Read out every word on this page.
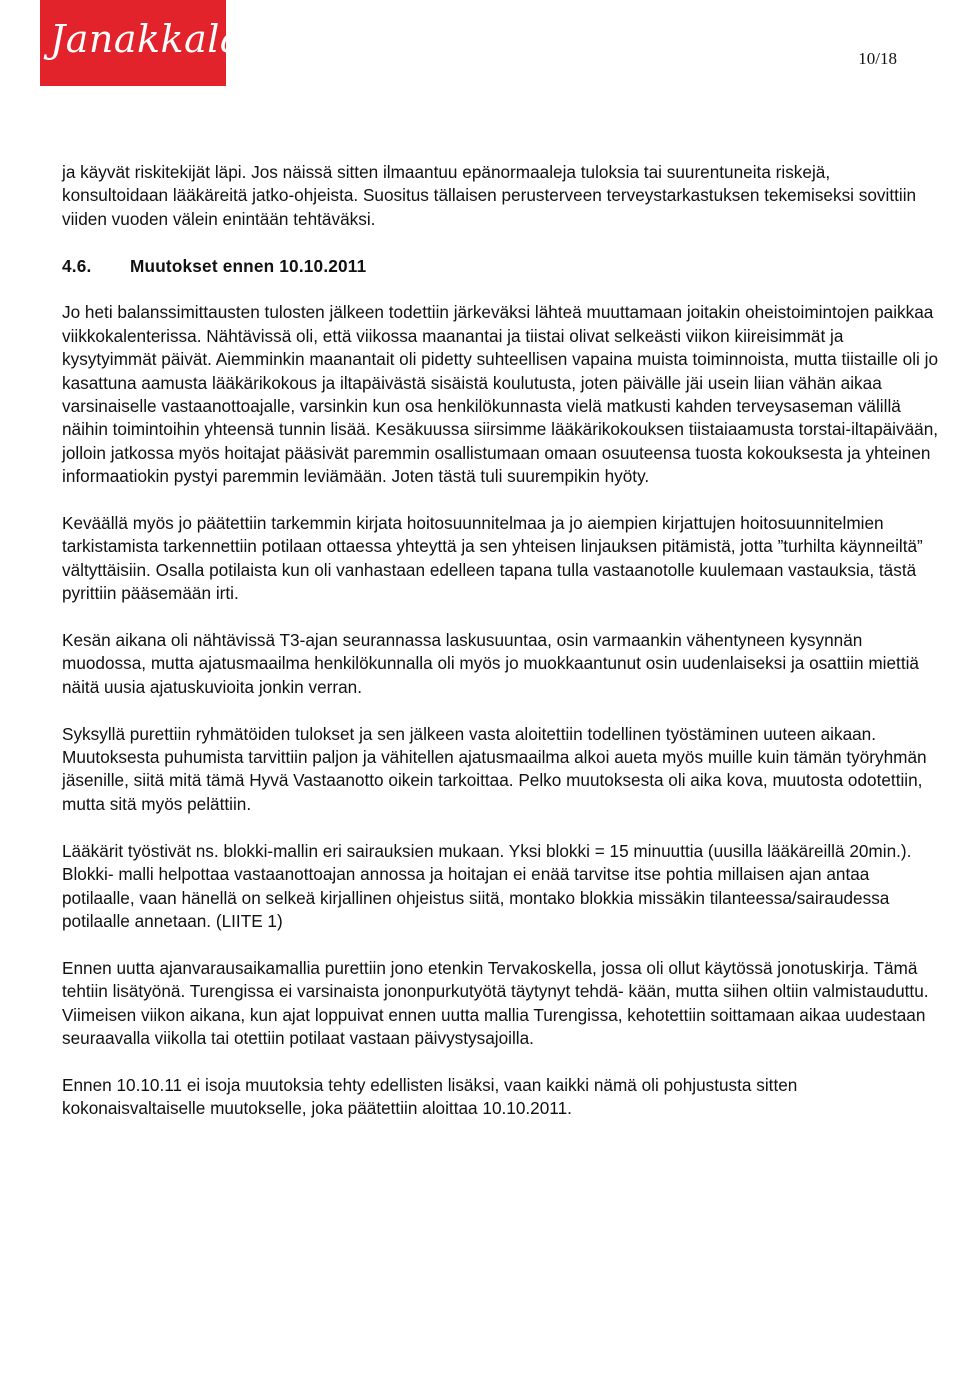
Janakkala	10/18

ja käyvät riskitekijät läpi. Jos näissä sitten ilmaantuu epänormaaleja tuloksia tai suurentuneita riskejä, konsultoidaan lääkäreitä jatko-ohjeista. Suositus tällaisen perusterveen terveystarkastuksen tekemiseksi sovittiin viiden vuoden välein enintään tehtäväksi.

4.6. Muutokset ennen 10.10.2011

Jo heti balanssimittausten tulosten jälkeen todettiin järkeväksi lähteä muuttamaan joitakin oheistoimintojen paikkaa viikkokalenterissa. Nähtävissä oli, että viikossa maanantai ja tiistai olivat selkeästi viikon kiireisimmät ja kysytyimmät päivät. Aiemminkin maanantait oli pidetty suhteellisen vapaina muista toiminnoista, mutta tiistaille oli jo kasattuna aamusta lääkärikokous ja iltapäivästä sisäistä koulutusta, joten päivälle jäi usein liian vähän aikaa varsinaiselle vastaanottoajalle, varsinkin kun osa henkilökunnasta vielä matkusti kahden terveysaseman välillä näihin toimintoihin yhteensä tunnin lisää. Kesäkuussa siirsimme lääkärikokouksen tiistaiaamusta torstai-iltapäivään, jolloin jatkossa myös hoitajat pääsivät paremmin osallistumaan omaan osuuteensa tuosta kokouksesta ja yhteinen informaatiokin pystyi paremmin leviämään. Joten tästä tuli suurempikin hyöty.

Keväällä myös jo päätettiin tarkemmin kirjata hoitosuunnitelmaa ja jo aiempien kirjattujen hoitosuunnitelmien tarkistamista tarkennettiin potilaan ottaessa yhteyttä ja sen yhteisen linjauksen pitämistä, jotta ”turhilta käynneiltä” vältyttäisiin. Osalla potilaista kun oli vanhastaan edelleen tapana tulla vastaanotolle kuulemaan vastauksia, tästä pyrittiin pääsemään irti.

Kesän aikana oli nähtävissä T3-ajan seurannassa laskusuuntaa, osin varmaankin vähentyneen kysynnän muodossa, mutta ajatusmaailma henkilökunnalla oli myös jo muokkaantunut osin uudenlaiseksi ja osattiin miettiä näitä uusia ajatuskuvioita jonkin verran.

Syksyllä purettiin ryhmätöiden tulokset ja sen jälkeen vasta aloitettiin todellinen työstäminen uuteen aikaan. Muutoksesta puhumista tarvittiin paljon ja vähitellen ajatusmaailma alkoi aueta myös muille kuin tämän työryhmän jäsenille, siitä mitä tämä Hyvä Vastaanotto oikein tarkoittaa. Pelko muutoksesta oli aika kova, muutosta odotettiin, mutta sitä myös pelättiin.

Lääkärit työstivät ns. blokki-mallin eri sairauksien mukaan. Yksi blokki = 15 minuuttia (uusilla lääkäreillä 20min.). Blokki- malli helpottaa vastaanottoajan annossa ja hoitajan ei enää tarvitse itse pohtia millaisen ajan antaa potilaalle, vaan hänellä on selkeä kirjallinen ohjeistus siitä, montako blokkia missäkin tilanteessa/sairaudessa potilaalle annetaan. (LIITE 1)

Ennen uutta ajanvarausaikamallia purettiin jono etenkin Tervakoskella, jossa oli ollut käytössä jonotuskirja. Tämä tehtiin lisätyönä. Turengissa ei varsinaista jononpurkutyötä täytynyt tehdä- kään, mutta siihen oltiin valmistauduttu. Viimeisen viikon aikana, kun ajat loppuivat ennen uutta mallia Turengissa, kehotettiin soittamaan aikaa uudestaan seuraavalla viikolla tai otettiin potilaat vastaan päivystysajoilla.

Ennen 10.10.11 ei isoja muutoksia tehty edellisten lisäksi, vaan kaikki nämä oli pohjustusta sitten kokonaisvaltaiselle muutokselle, joka päätettiin aloittaa 10.10.2011.
